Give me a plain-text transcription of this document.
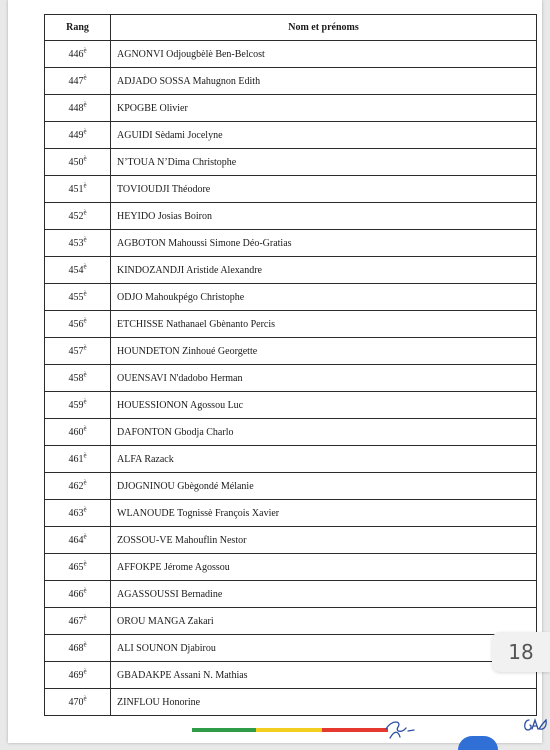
Rang	Nom et prénoms
$446^è$	AGNONVI Odjougbèlè Ben-Belcost
$447^è$	ADJADO SOSSA Mahugnon Edith
$448^è$	KPOGBE Olivier
$449^è$	AGUIDI Sèdami Jocelyne
$450^è$	N’TOUA N’Dima Christophe
$451^è$	TOVIOUDJI Théodore
$452^è$	HEYIDO Josias Boiron
$453^è$	AGBOTON Mahoussi Simone Déo-Gratias
$454^è$	KINDOZANDJI Aristide Alexandre
$455^è$	ODJO Mahoukpégo Christophe
$456^è$	ETCHISSE Nathanael Gbènanto Percis
$457^è$	HOUNDETON Zinhoué Georgette
$458^è$	OUENSAVI N'dadobo Herman
$459^è$	HOUESSIONON Agossou Luc
$460^è$	DAFONTON Gbodja Charlo
$461^è$	ALFA Razack
$462^è$	DJOGNINOU Gbègondé Mélanie
$463^è$	WLANOUDE Tognissè François Xavier
$464^è$	ZOSSOU-VE Mahouflin Nestor
$465^è$	AFFOKPE Jérome Agossou
$466^è$	AGASSOUSSI Bernadine
$467^è$	OROU MANGA Zakari
$468^è$	ALI SOUNON Djabirou
$469^è$	GBADAKPE Assani N. Mathias
$470^è$	ZINFLOU Honorine
18
